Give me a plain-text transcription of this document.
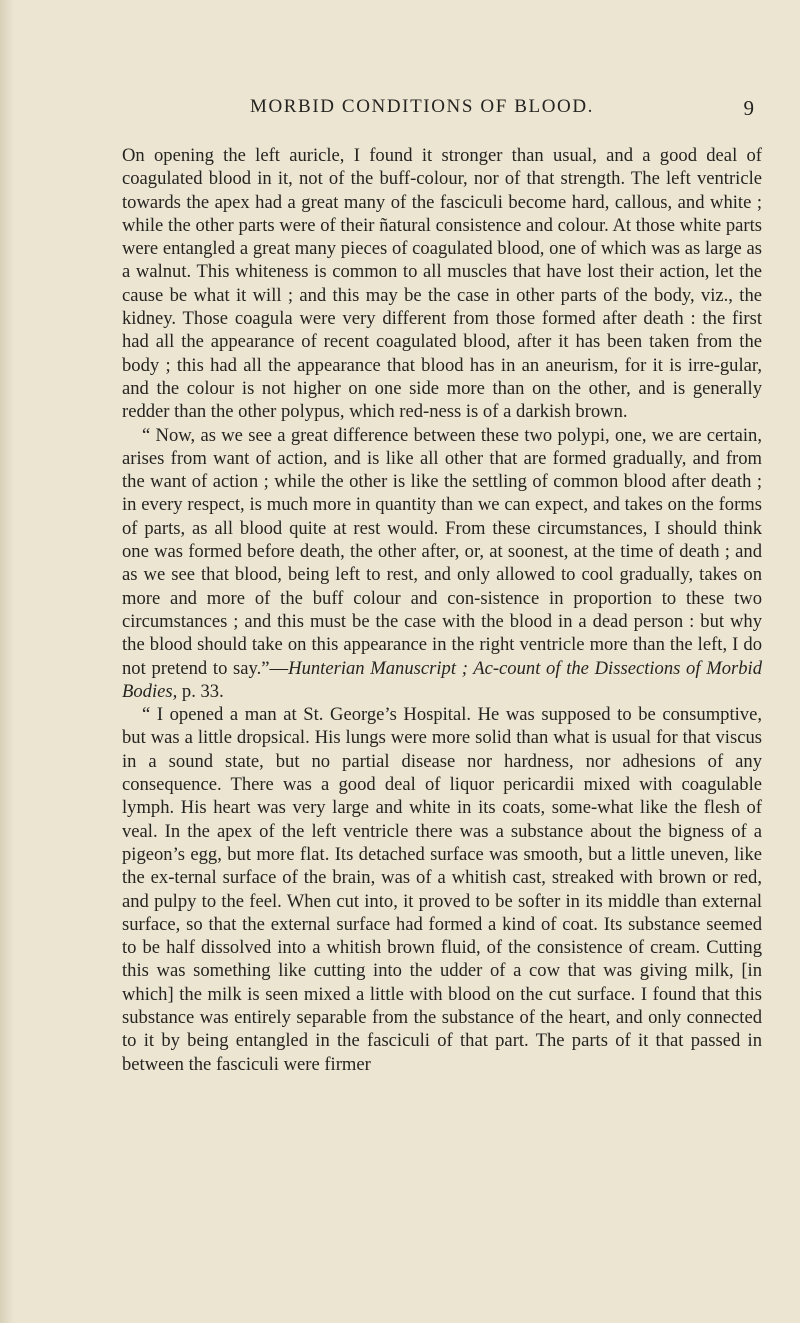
MORBID CONDITIONS OF BLOOD.	9

On opening the left auricle, I found it stronger than usual, and a good deal of coagulated blood in it, not of the buff-colour, nor of that strength. The left ventricle towards the apex had a great many of the fasciculi become hard, callous, and white ; while the other parts were of their ñatural consistence and colour. At those white parts were entangled a great many pieces of coagulated blood, one of which was as large as a walnut. This whiteness is common to all muscles that have lost their action, let the cause be what it will ; and this may be the case in other parts of the body, viz., the kidney. Those coagula were very different from those formed after death : the first had all the appearance of recent coagulated blood, after it has been taken from the body ; this had all the appearance that blood has in an aneurism, for it is irre-gular, and the colour is not higher on one side more than on the other, and is generally redder than the other polypus, which red-ness is of a darkish brown.

“ Now, as we see a great difference between these two polypi, one, we are certain, arises from want of action, and is like all other that are formed gradually, and from the want of action ; while the other is like the settling of common blood after death ; in every respect, is much more in quantity than we can expect, and takes on the forms of parts, as all blood quite at rest would. From these circumstances, I should think one was formed before death, the other after, or, at soonest, at the time of death ; and as we see that blood, being left to rest, and only allowed to cool gradually, takes on more and more of the buff colour and con-sistence in proportion to these two circumstances ; and this must be the case with the blood in a dead person : but why the blood should take on this appearance in the right ventricle more than the left, I do not pretend to say.”—Hunterian Manuscript ; Ac-count of the Dissections of Morbid Bodies, p. 33.

“ I opened a man at St. George’s Hospital. He was supposed to be consumptive, but was a little dropsical. His lungs were more solid than what is usual for that viscus in a sound state, but no partial disease nor hardness, nor adhesions of any consequence. There was a good deal of liquor pericardii mixed with coagulable lymph. His heart was very large and white in its coats, some-what like the flesh of veal. In the apex of the left ventricle there was a substance about the bigness of a pigeon’s egg, but more flat. Its detached surface was smooth, but a little uneven, like the ex-ternal surface of the brain, was of a whitish cast, streaked with brown or red, and pulpy to the feel. When cut into, it proved to be softer in its middle than external surface, so that the external surface had formed a kind of coat. Its substance seemed to be half dissolved into a whitish brown fluid, of the consistence of cream. Cutting this was something like cutting into the udder of a cow that was giving milk, [in which] the milk is seen mixed a little with blood on the cut surface. I found that this substance was entirely separable from the substance of the heart, and only connected to it by being entangled in the fasciculi of that part. The parts of it that passed in between the fasciculi were firmer
